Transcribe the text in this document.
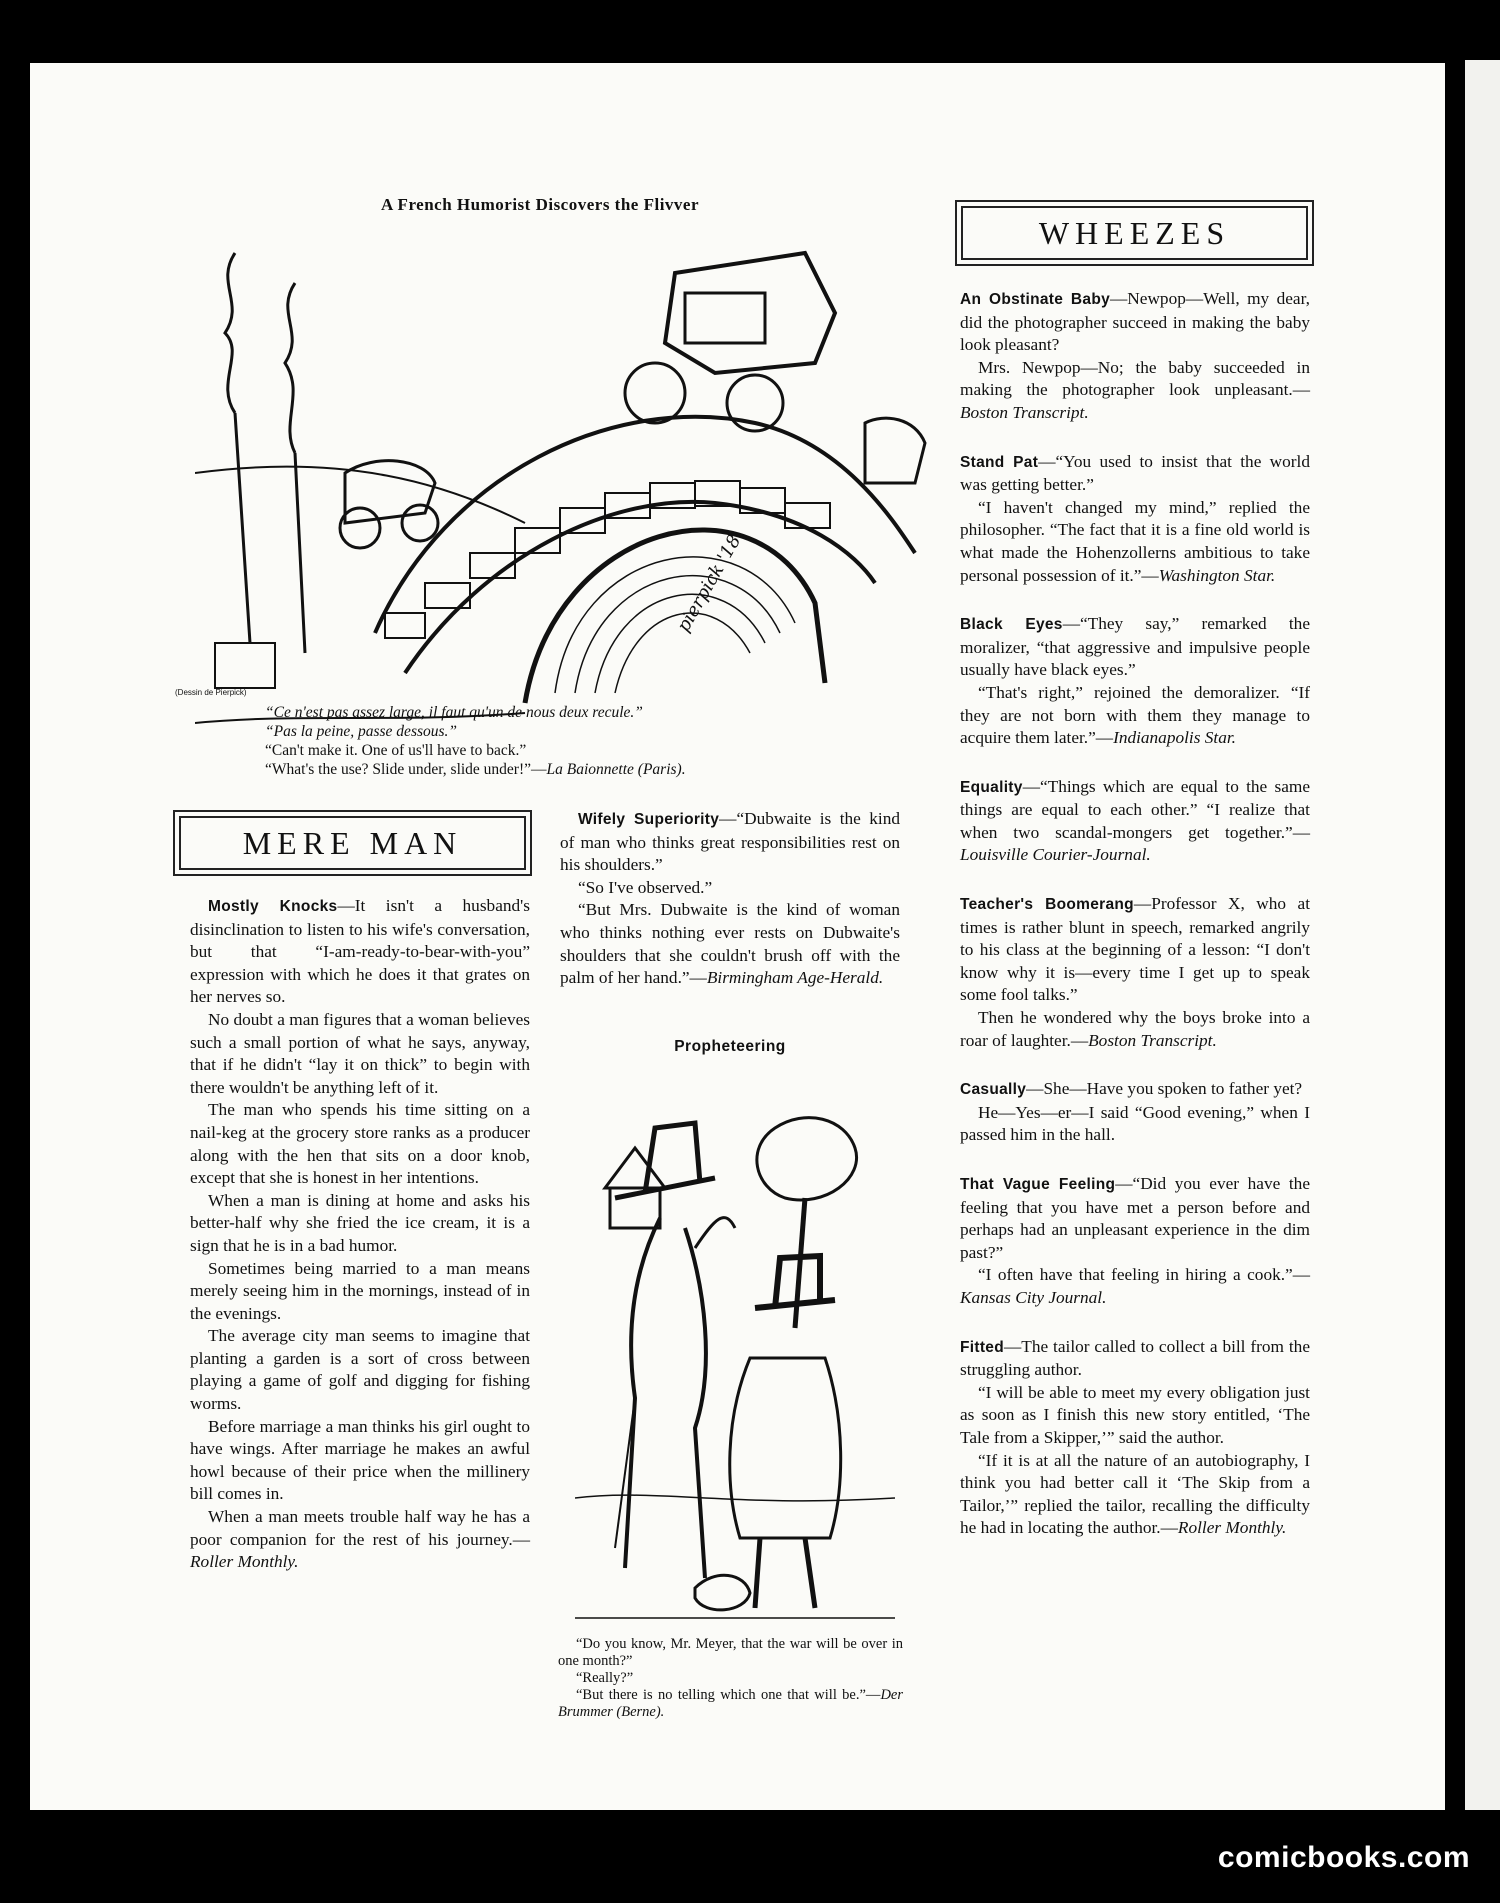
A French Humorist Discovers the Flivver
pierpick '18
(Dessin de Pierpick)
“Ce n'est pas assez large, il faut qu'un de nous deux recule.”
“Pas la peine, passe dessous.”
“Can't make it. One of us'll have to back.”
“What's the use? Slide under, slide under!”—La Baionnette (Paris).
WHEEZES

An Obstinate Baby—Newpop—Well, my dear, did the photographer succeed in making the baby look pleasant?

Mrs. Newpop—No; the baby succeeded in making the photographer look unpleasant.—Boston Transcript.

Stand Pat—“You used to insist that the world was getting better.”

“I haven't changed my mind,” replied the philosopher. “The fact that it is a fine old world is what made the Hohenzollerns ambitious to take personal possession of it.”—Washington Star.

Black Eyes—“They say,” remarked the moralizer, “that aggressive and impulsive people usually have black eyes.”

“That's right,” rejoined the demoralizer. “If they are not born with them they manage to acquire them later.”—Indianapolis Star.

Equality—“Things which are equal to the same things are equal to each other.” “I realize that when two scandal-mongers get together.”—Louisville Courier-Journal.

Teacher's Boomerang—Professor X, who at times is rather blunt in speech, remarked angrily to his class at the beginning of a lesson: “I don't know why it is—every time I get up to speak some fool talks.”

Then he wondered why the boys broke into a roar of laughter.—Boston Transcript.

Casually—She—Have you spoken to father yet?

He—Yes—er—I said “Good evening,” when I passed him in the hall.

That Vague Feeling—“Did you ever have the feeling that you have met a person before and perhaps had an unpleasant experience in the dim past?”

“I often have that feeling in hiring a cook.”—Kansas City Journal.

Fitted—The tailor called to collect a bill from the struggling author.

“I will be able to meet my every obligation just as soon as I finish this new story entitled, ‘The Tale from a Skipper,’” said the author.

“If it is at all the nature of an autobiography, I think you had better call it ‘The Skip from a Tailor,’” replied the tailor, recalling the difficulty he had in locating the author.—Roller Monthly.

MERE MAN

Mostly Knocks—It isn't a husband's disinclination to listen to his wife's conversation, but that “I-am-ready-to-bear-with-you” expression with which he does it that grates on her nerves so.

No doubt a man figures that a woman believes such a small portion of what he says, anyway, that if he didn't “lay it on thick” to begin with there wouldn't be anything left of it.

The man who spends his time sitting on a nail-keg at the grocery store ranks as a producer along with the hen that sits on a door knob, except that she is honest in her intentions.

When a man is dining at home and asks his better-half why she fried the ice cream, it is a sign that he is in a bad humor.

Sometimes being married to a man means merely seeing him in the mornings, instead of in the evenings.

The average city man seems to imagine that planting a garden is a sort of cross between playing a game of golf and digging for fishing worms.

Before marriage a man thinks his girl ought to have wings. After marriage he makes an awful howl because of their price when the millinery bill comes in.

When a man meets trouble half way he has a poor companion for the rest of his journey.—Roller Monthly.

Wifely Superiority—“Dubwaite is the kind of man who thinks great responsibilities rest on his shoulders.”

“So I've observed.”

“But Mrs. Dubwaite is the kind of woman who thinks nothing ever rests on Dubwaite's shoulders that she couldn't brush off with the palm of her hand.”—Birmingham Age-Herald.

Propheteering
“Do you know, Mr. Meyer, that the war will be over in one month?”
“Really?”
“But there is no telling which one that will be.”—Der Brummer (Berne).
comicbooks.com
